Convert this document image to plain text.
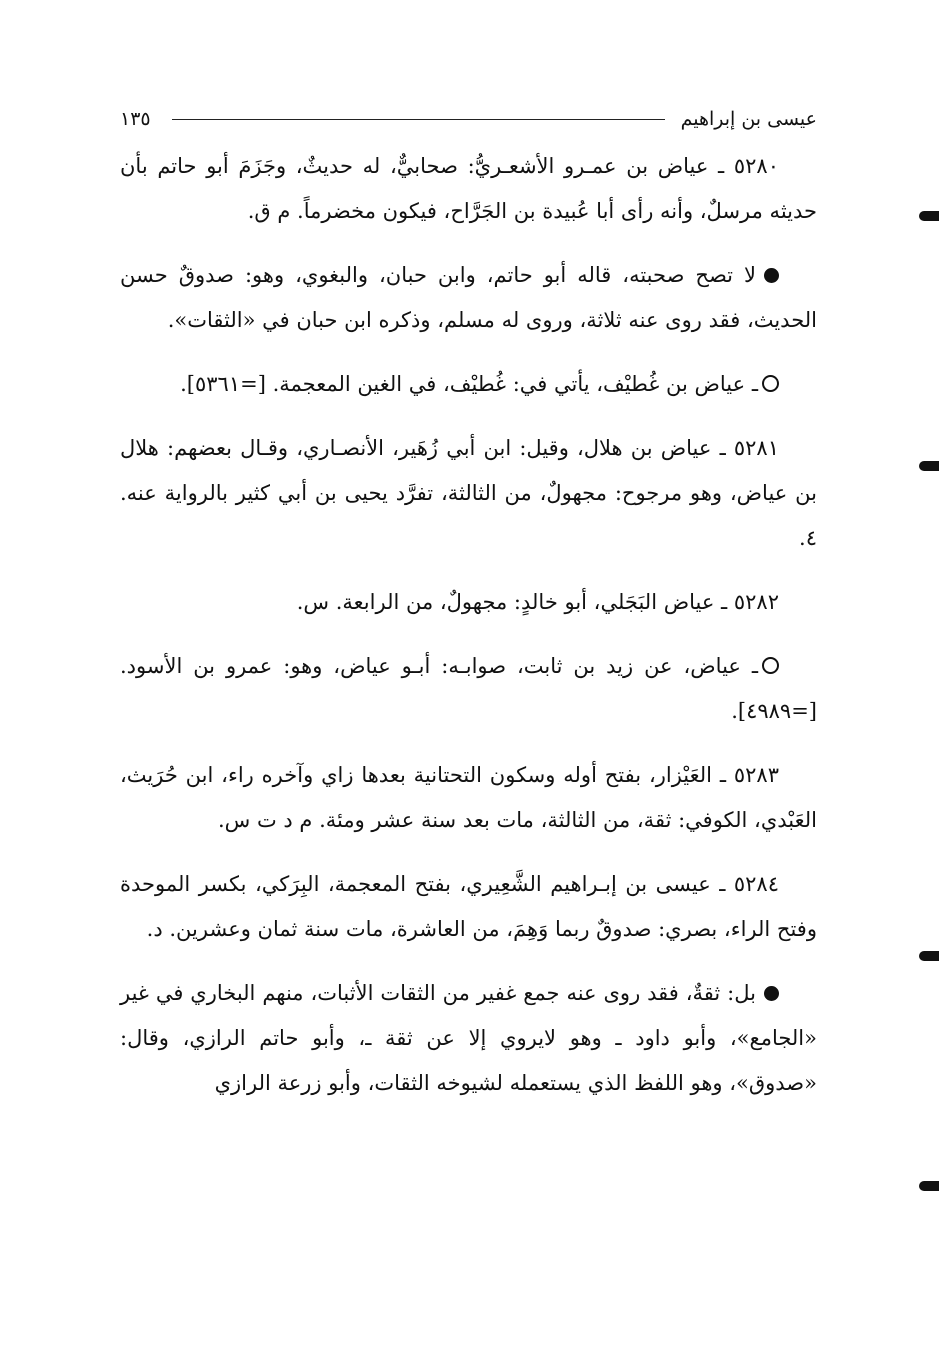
عيسى بن إبراهيم
١٣٥

٥٢٨٠ ـ عياض بن عمـرو الأشعـريُّ: صحابيٌّ، له حديثٌ، وجَزَمَ أبو حاتم بأن حديثه مرسلٌ، وأنه رأى أبا عُبيدة بن الجَرَّاح، فيكون مخضرماً. م ق.

لا تصح صحبته، قاله أبو حاتم، وابن حبان، والبغوي، وهو: صدوقٌ حسن الحديث، فقد روى عنه ثلاثة، وروى له مسلم، وذكره ابن حبان في «الثقات».

ـ عياض بن غُطيْف، يأتي في: غُطيْف، في الغين المعجمة. [=٥٣٦١].

٥٢٨١ ـ عياض بن هلال، وقيل: ابن أبي زُهَير، الأنصـاري، وقـال بعضهم: هلال بن عياض، وهو مرجوح: مجهولٌ، من الثالثة، تفرَّد يحيى بن أبي كثير بالرواية عنه. ٤.

٥٢٨٢ ـ عياض البَجَلي، أبو خالدٍ: مجهولٌ، من الرابعة. س.

ـ عياض، عن زيد بن ثابت، صوابـه: أبـو عياض، وهو: عمرو بن الأسود. [=٤٩٨٩].

٥٢٨٣ ـ العَيْزار، بفتح أوله وسكون التحتانية بعدها زاي وآخره راء، ابن حُرَيث، العَبْدي، الكوفي: ثقة، من الثالثة، مات بعد سنة عشر ومئة. م د ت س.

٥٢٨٤ ـ عيسى بن إبـراهيم الشَّعِيري، بفتح المعجمة، البِرَكي، بكسر الموحدة وفتح الراء، بصري: صدوقٌ ربما وَهِمَ، من العاشرة، مات سنة ثمان وعشرين. د.

بل: ثقةٌ، فقد روى عنه جمع غفير من الثقات الأثبات، منهم البخاري في غير «الجامع»، وأبو داود ـ وهو لايروي إلا عن ثقة ـ، وأبو حاتم الرازي، وقال: «صدوق»، وهو اللفظ الذي يستعمله لشيوخه الثقات، وأبو زرعة الرازي
